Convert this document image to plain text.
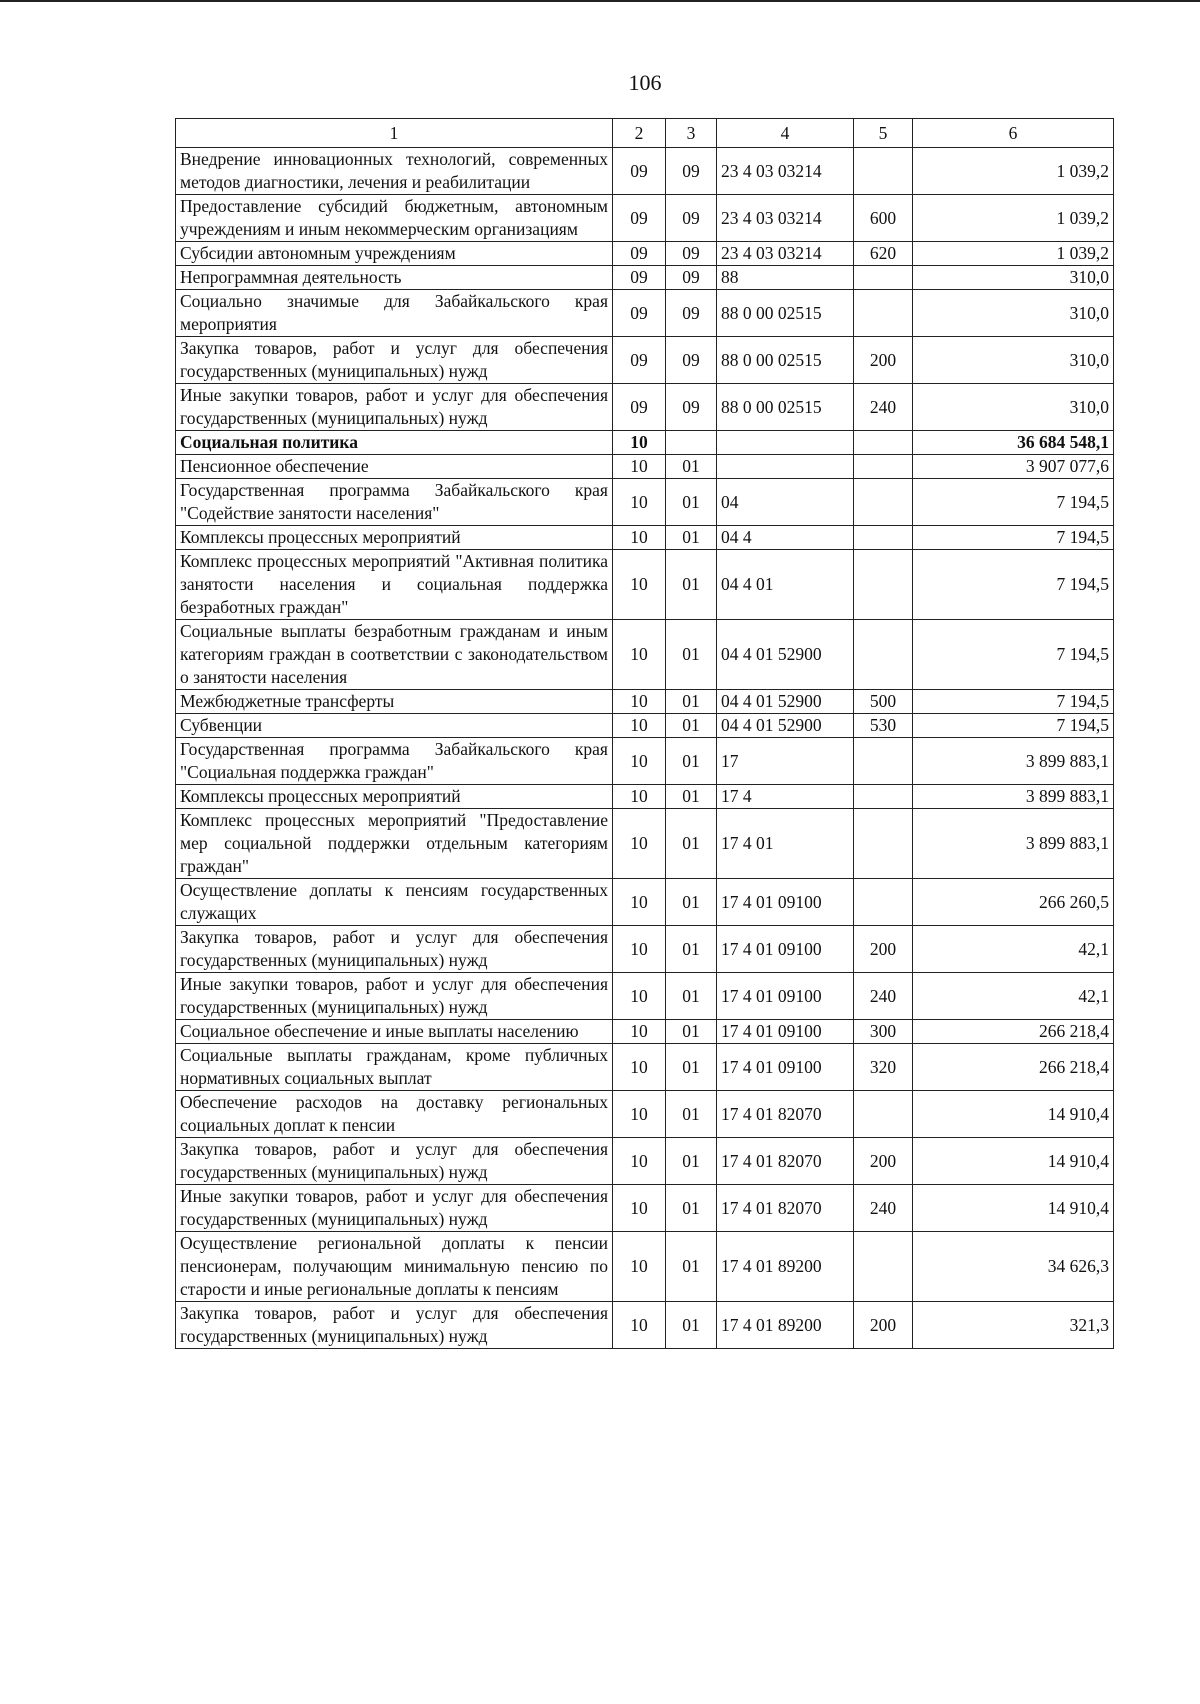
106
1	2	3	4	5	6
Внедрение инновационных технологий, современных методов диагностики, лечения и реабилитации	09	09	23 4 03 03214		1 039,2
Предоставление субсидий бюджетным, автономным учреждениям и иным некоммерческим организациям	09	09	23 4 03 03214	600	1 039,2
Субсидии автономным учреждениям	09	09	23 4 03 03214	620	1 039,2
Непрограммная деятельность	09	09	88		310,0
Социально значимые для Забайкальского края мероприятия	09	09	88 0 00 02515		310,0
Закупка товаров, работ и услуг для обеспечения государственных (муниципальных) нужд	09	09	88 0 00 02515	200	310,0
Иные закупки товаров, работ и услуг для обеспечения государственных (муниципальных) нужд	09	09	88 0 00 02515	240	310,0
Социальная политика	10				36 684 548,1
Пенсионное обеспечение	10	01			3 907 077,6
Государственная программа Забайкальского края "Содействие занятости населения"	10	01	04		7 194,5
Комплексы процессных мероприятий	10	01	04 4		7 194,5
Комплекс процессных мероприятий "Активная политика занятости населения и социальная поддержка безработных граждан"	10	01	04 4 01		7 194,5
Социальные выплаты безработным гражданам и иным категориям граждан в соответствии с законодательством о занятости населения	10	01	04 4 01 52900		7 194,5
Межбюджетные трансферты	10	01	04 4 01 52900	500	7 194,5
Субвенции	10	01	04 4 01 52900	530	7 194,5
Государственная программа Забайкальского края "Социальная поддержка граждан"	10	01	17		3 899 883,1
Комплексы процессных мероприятий	10	01	17 4		3 899 883,1
Комплекс процессных мероприятий "Предоставление мер социальной поддержки отдельным категориям граждан"	10	01	17 4 01		3 899 883,1
Осуществление доплаты к пенсиям государственных служащих	10	01	17 4 01 09100		266 260,5
Закупка товаров, работ и услуг для обеспечения государственных (муниципальных) нужд	10	01	17 4 01 09100	200	42,1
Иные закупки товаров, работ и услуг для обеспечения государственных (муниципальных) нужд	10	01	17 4 01 09100	240	42,1
Социальное обеспечение и иные выплаты населению	10	01	17 4 01 09100	300	266 218,4
Социальные выплаты гражданам, кроме публичных нормативных социальных выплат	10	01	17 4 01 09100	320	266 218,4
Обеспечение расходов на доставку региональных социальных доплат к пенсии	10	01	17 4 01 82070		14 910,4
Закупка товаров, работ и услуг для обеспечения государственных (муниципальных) нужд	10	01	17 4 01 82070	200	14 910,4
Иные закупки товаров, работ и услуг для обеспечения государственных (муниципальных) нужд	10	01	17 4 01 82070	240	14 910,4
Осуществление региональной доплаты к пенсии пенсионерам, получающим минимальную пенсию по старости и иные региональные доплаты к пенсиям	10	01	17 4 01 89200		34 626,3
Закупка товаров, работ и услуг для обеспечения государственных (муниципальных) нужд	10	01	17 4 01 89200	200	321,3
